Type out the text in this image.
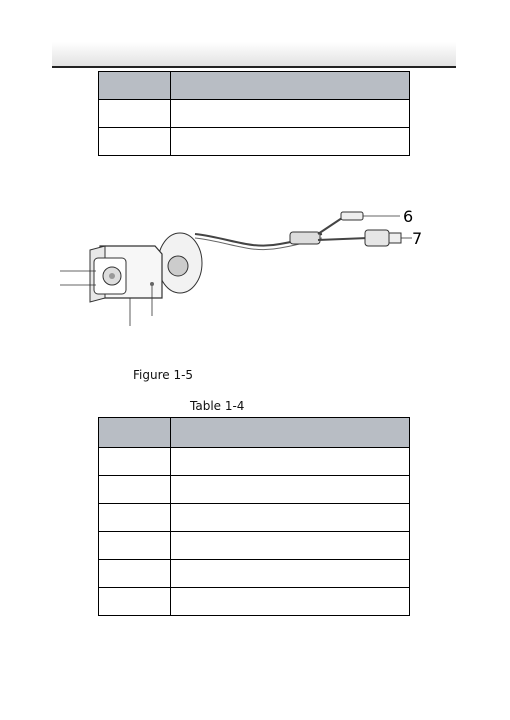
6
7
Figure 1-5
Table 1-4
